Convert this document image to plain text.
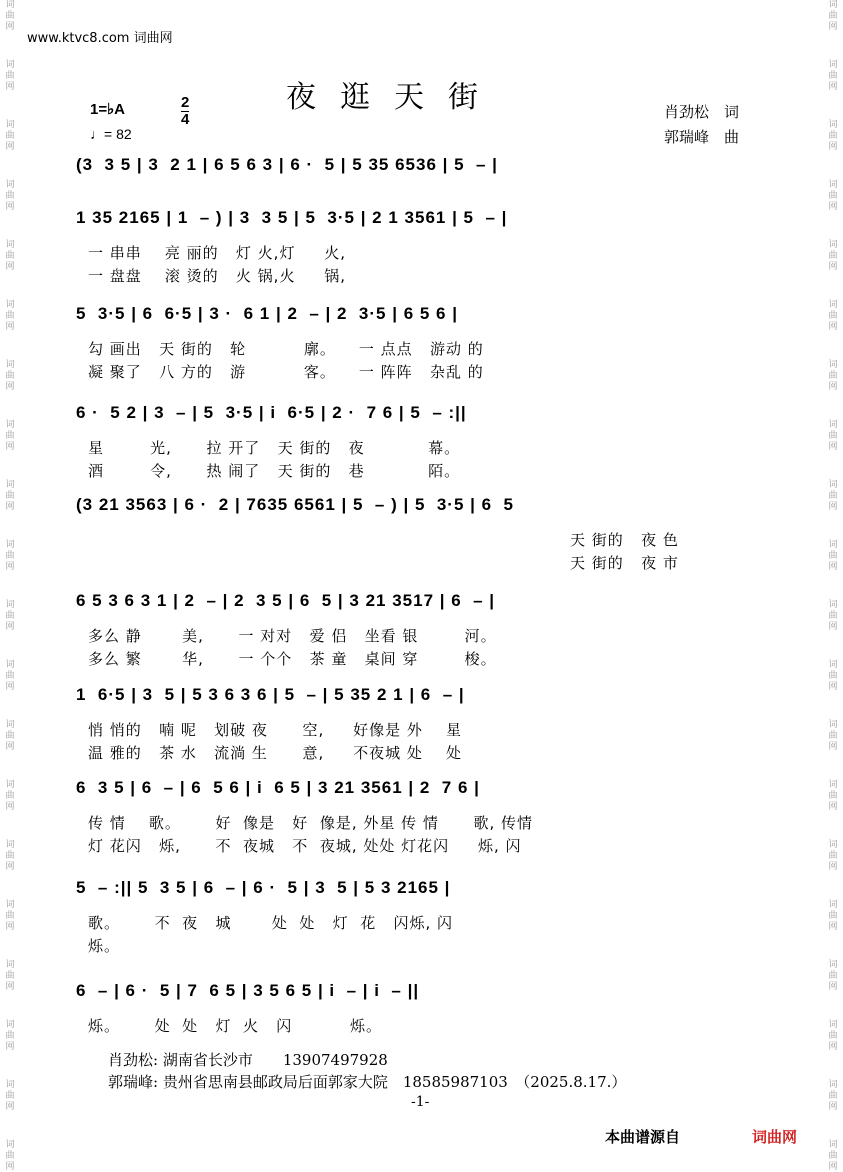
词
曲
网
词
曲
网
词
曲
网
词
曲
网
词
曲
网
词
曲
网
词
曲
网
词
曲
网
词
曲
网
词
曲
网
词
曲
网
词
曲
网
词
曲
网
词
曲
网
词
曲
网
词
曲
网
词
曲
网
词
曲
网
词
曲
网
词
曲
网
词
曲
网
词
曲
网
词
曲
网
词
曲
网
词
曲
网
词
曲
网
词
曲
网
词
曲
网
词
曲
网
词
曲
网
词
曲
网
词
曲
网
词
曲
网
词
曲
网
词
曲
网
词
曲
网
词
曲
网
词
曲
网
词
曲
网
词
曲
网
www.ktvc8.com 词曲网
夜逛天街
1=♭A
♩= 82
2
4	肖劲松　词
郭瑞峰　曲
(3  3 5 | 3  2 1 | 6 5 6 3 | 6 ·  5 | 5 35 6536 | 5  – |
1 35 2165 | 1  – ) | 3  3 5 | 5  3·5 | 2 1 3561 | 5  – |
一 串串    亮 丽的   灯 火,灯     火,
一 盘盘    滚 烫的   火 锅,火     锅,
5  3·5 | 6  6·5 | 3 ·  6 1 | 2  – | 2  3·5 | 6 5 6 |
勾 画出   天 街的   轮          廓。    一 点点   游动 的
凝 聚了   八 方的   游          客。    一 阵阵   杂乱 的
6 ·  5 2 | 3  – | 5  3·5 | i  6·5 | 2 ·  7 6 | 5  – :||
星        光,      拉 开了   天 街的   夜           幕。
酒        令,      热 闹了   天 街的   巷           陌。
(3 21 3563 | 6 ·  2 | 7635 6561 | 5  – ) | 5  3·5 | 6  5
天 街的   夜 色
天 街的   夜 市
6 5 3 6 3 1 | 2  – | 2  3 5 | 6  5 | 3 21 3517 | 6  – |
多么 静       美,      一 对对   爱 侣   坐看 银        河。
多么 繁       华,      一 个个   茶 童   桌间 穿        梭。
1  6·5 | 3  5 | 5 3 6 3 6 | 5  – | 5 35 2 1 | 6  – |
悄 悄的   喃 呢   划破 夜      空,     好像是 外    星
温 雅的   茶 水   流淌 生      意,     不夜城 处    处
6  3 5 | 6  – | 6  5 6 | i  6 5 | 3 21 3561 | 2  7 6 |
传 情    歌。      好  像是   好  像是, 外星 传 情      歌, 传情
灯 花闪   烁,      不  夜城   不  夜城, 处处 灯花闪     烁, 闪
5  – :|| 5  3 5 | 6  – | 6 ·  5 | 3  5 | 5 3 2165 |
歌。      不  夜   城       处  处   灯  花   闪烁, 闪
烁。
6  – | 6 ·  5 | 7  6 5 | 3 5 6 5 | i  – | i  – ||
烁。      处  处   灯  火   闪          烁。
肖劲松: 湖南省长沙市　　13907497928
郭瑞峰: 贵州省思南县邮政局后面郭家大院　18585987103　（2025.8.17.）
-1-
本曲谱源自	词曲网
